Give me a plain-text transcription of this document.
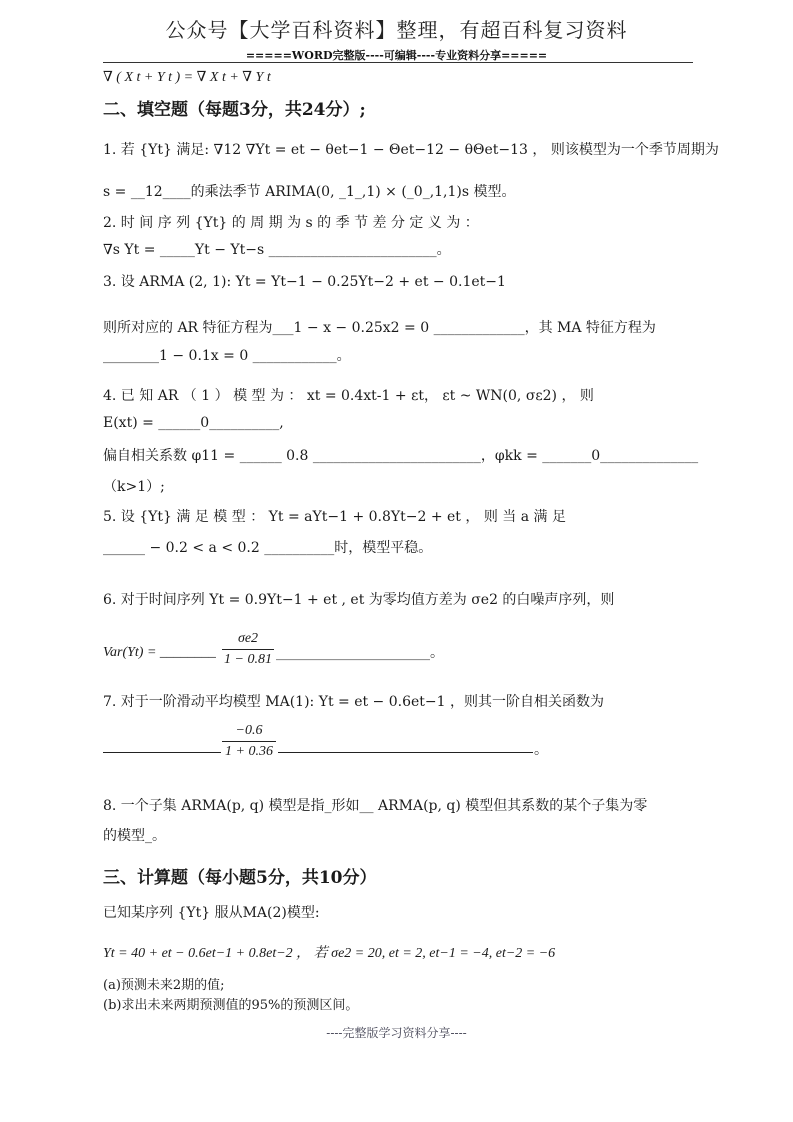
公众号【大学百科资料】整理，有超百科复习资料
=====WORD完整版----可编辑----专业资料分享=====
∇ ( X t + Y t ) = ∇ X t + ∇ Y t
二、填空题（每题3分，共24分）;
1. 若 {Yt} 满足: ∇12 ∇Yt = et − θet−1 − Θet−12 − θΘet−13 ， 则该模型为一个季节周期为
s = __12____的乘法季节 ARIMA(0, _1_,1) × (_0_,1,1)s 模型。
2. 时 间 序 列 {Yt} 的 周 期 为 s 的 季 节 差 分 定 义 为 ：
∇s Yt = _____Yt − Yt−s ________________________。
3. 设 ARMA (2, 1): Yt = Yt−1 − 0.25Yt−2 + et − 0.1et−1
则所对应的 AR 特征方程为___1 − x − 0.25x2 = 0 _____________，其 MA 特征方程为
________1 − 0.1x = 0 ____________。
4. 已 知 AR （ 1 ） 模 型 为 ： xt = 0.4xt-1 + εt， εt ~ WN(0, σε2) ， 则
E(xt) = ______0__________,
偏自相关系数 φ11 = ______ 0.8 ________________________，φkk = _______0______________
（k>1）;
5. 设 {Yt} 满 足 模 型 ： Yt = aYt−1 + 0.8Yt−2 + et ， 则 当 a 满 足
______ − 0.2 < a < 0.2 __________时，模型平稳。
6. 对于时间序列 Yt = 0.9Yt−1 + et , et 为零均值方差为 σe2 的白噪声序列，则
Var(Yt) = ________
σe2
1 − 0.81 ______________________。
7. 对于一阶滑动平均模型 MA(1): Yt = et − 0.6et−1 ，则其一阶自相关函数为
−0.6
1 + 0.36	。
8. 一个子集 ARMA(p, q) 模型是指_形如__ ARMA(p, q) 模型但其系数的某个子集为零
的模型_。
三、计算题（每小题5分，共10分）
已知某序列 {Yt} 服从MA(2)模型:
Yt = 40 + et − 0.6et−1 + 0.8et−2 ， 若 σe2 = 20, et = 2, et−1 = −4, et−2 = −6
(a)预测未来2期的值;
(b)求出未来两期预测值的95%的预测区间。
----完整版学习资料分享----
